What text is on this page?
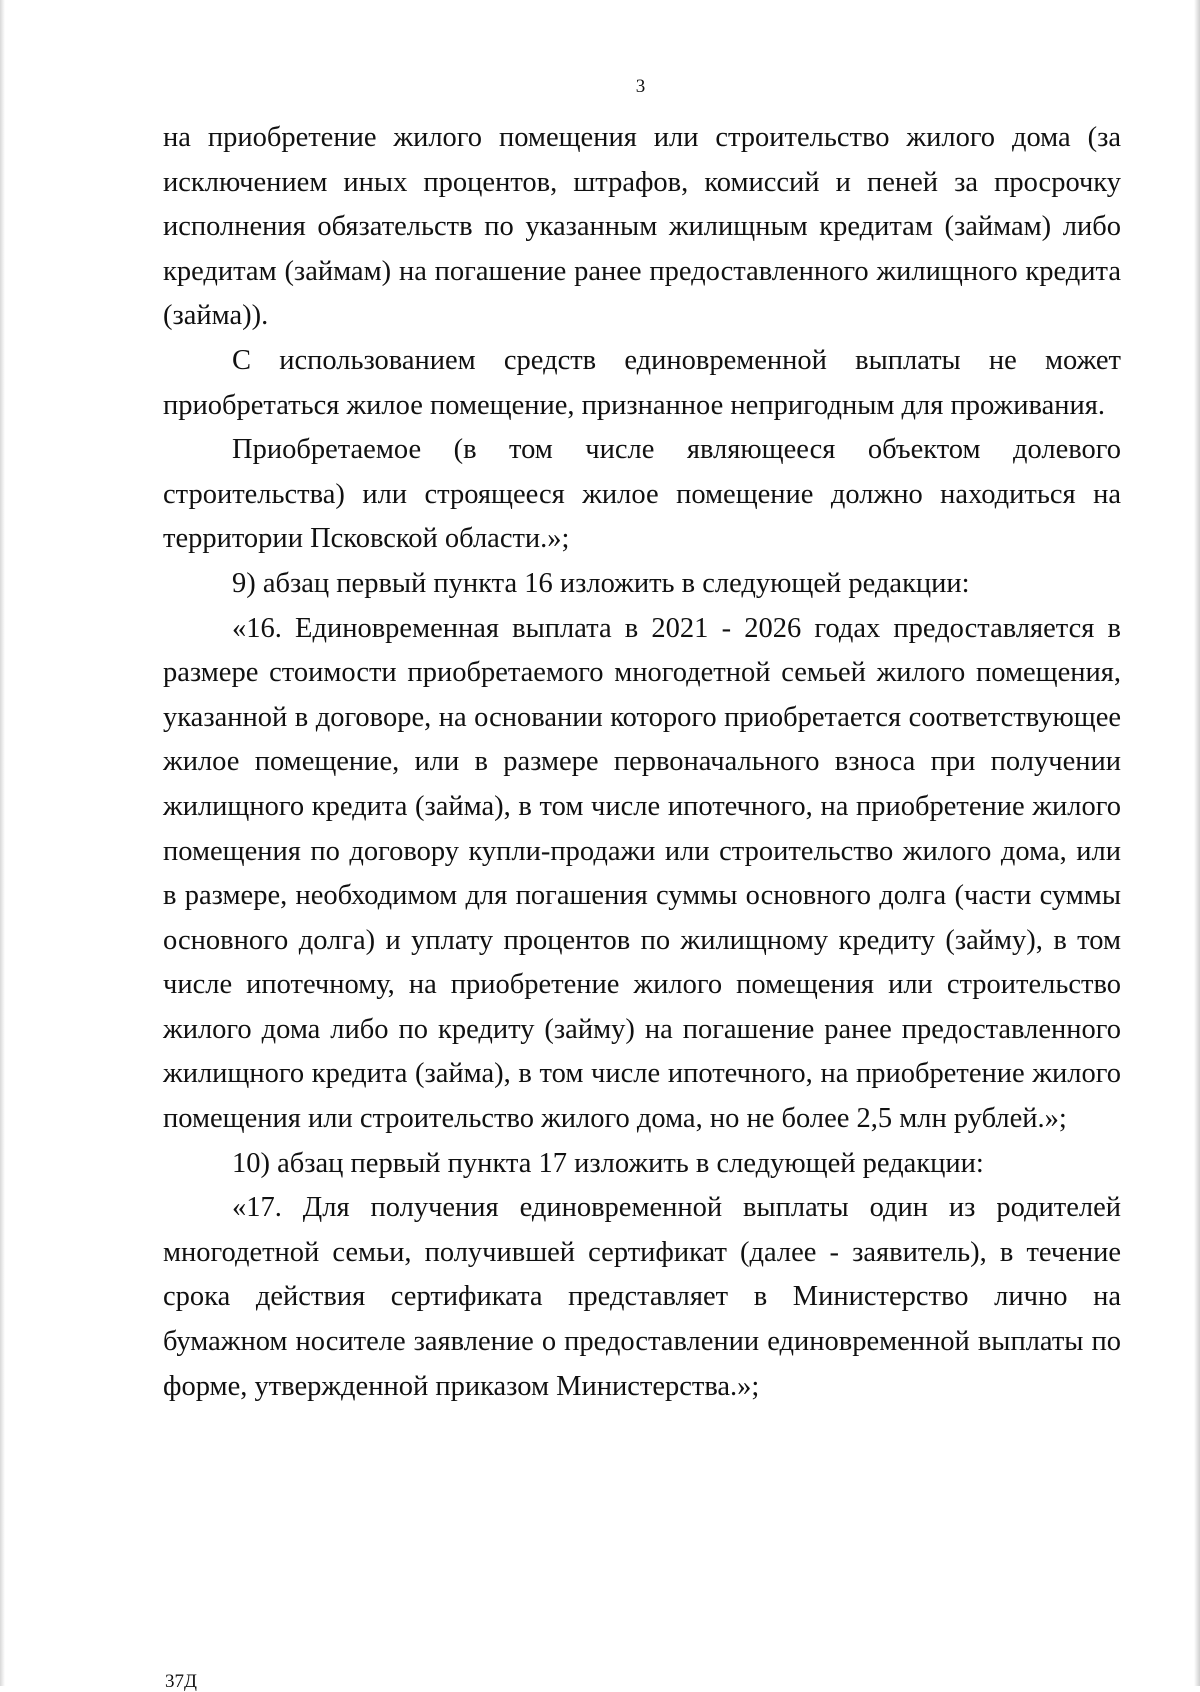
3

на приобретение жилого помещения или строительство жилого дома (за исключением иных процентов, штрафов, комиссий и пеней за просрочку исполнения обязательств по указанным жилищным кредитам (займам) либо кредитам (займам) на погашение ранее предоставленного жилищного кредита (займа)).

С использованием средств единовременной выплаты не может приобретаться жилое помещение, признанное непригодным для проживания.

Приобретаемое (в том числе являющееся объектом долевого строительства) или строящееся жилое помещение должно находиться на территории Псковской области.»;

9) абзац первый пункта 16 изложить в следующей редакции:

«16. Единовременная выплата в 2021 - 2026 годах предоставляется в размере стоимости приобретаемого многодетной семьей жилого помещения, указанной в договоре, на основании которого приобретается соответствующее жилое помещение, или в размере первоначального взноса при получении жилищного кредита (займа), в том числе ипотечного, на приобретение жилого помещения по договору купли-продажи или строительство жилого дома, или в размере, необходимом для погашения суммы основного долга (части суммы основного долга) и уплату процентов по жилищному кредиту (займу), в том числе ипотечному, на приобретение жилого помещения или строительство жилого дома либо по кредиту (займу) на погашение ранее предоставленного жилищного кредита (займа), в том числе ипотечного, на приобретение жилого помещения или строительство жилого дома, но не более 2,5 млн рублей.»;

10) абзац первый пункта 17 изложить в следующей редакции:

«17. Для получения единовременной выплаты один из родителей многодетной семьи, получившей сертификат (далее - заявитель), в течение срока действия сертификата представляет в Министерство лично на бумажном носителе заявление о предоставлении единовременной выплаты по форме, утвержденной приказом Министерства.»;

37Д
